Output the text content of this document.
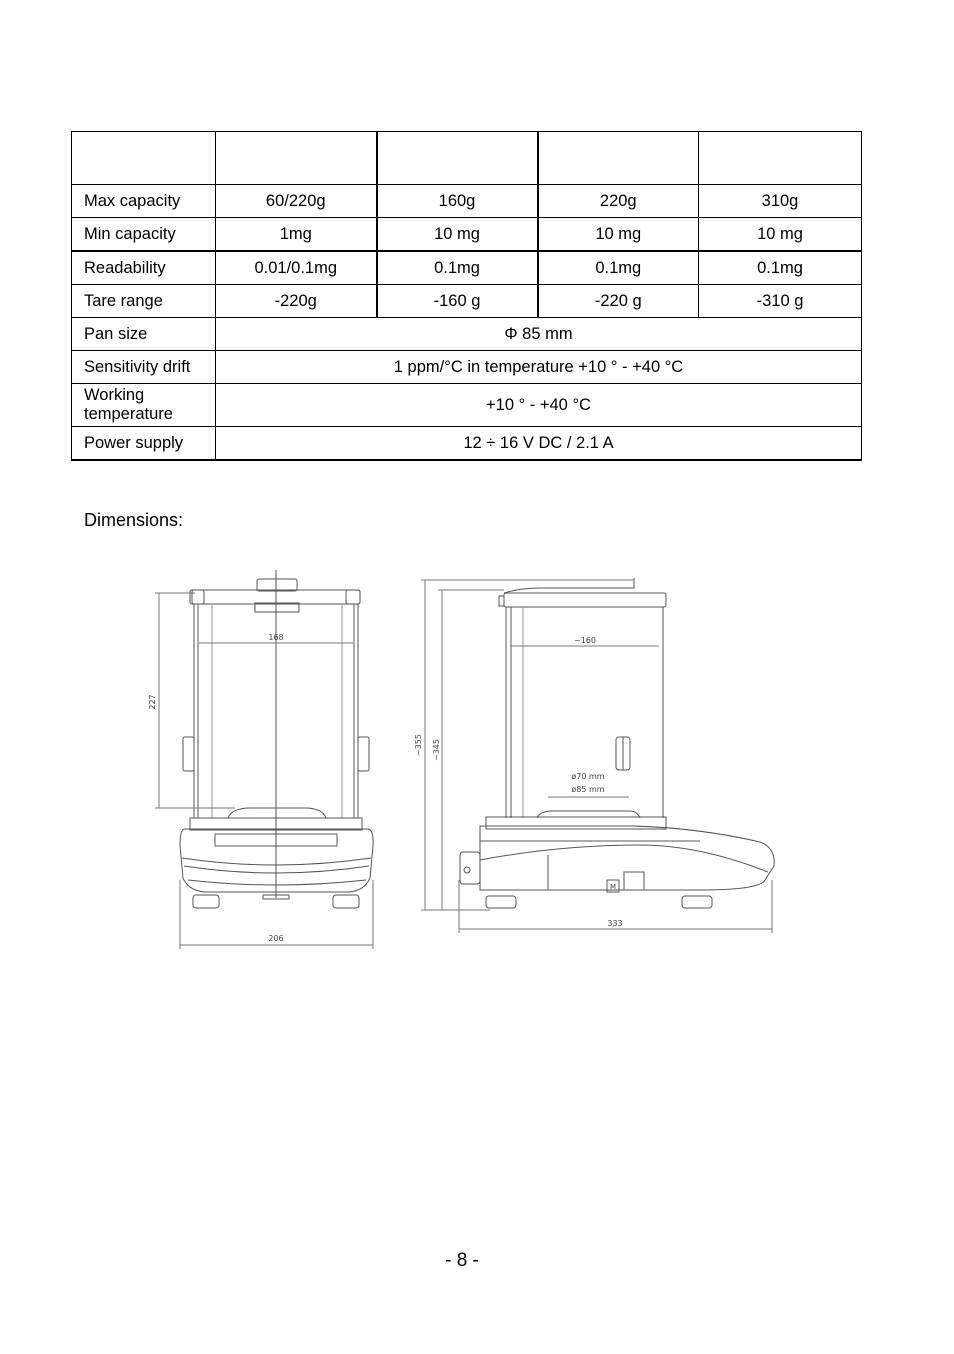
Max capacity	60/220g	160g	220g	310g
Min capacity	1mg	10 mg	10 mg	10 mg
Readability	0.01/0.1mg	0.1mg	0.1mg	0.1mg
Tare range	-220g	-160 g	-220 g	-310 g
Pan size	Φ 85 mm			
Sensitivity drift	1 ppm/°C in temperature +10 ° - +40 °C			

Working
temperature	+10 ° - +40 °C			
Power supply	12 ÷ 16 V DC / 2.1 A			
Dimensions:
168
206
227
~160
ø70 mm
ø85 mm
333
M
~355 ~345
- 8 -
